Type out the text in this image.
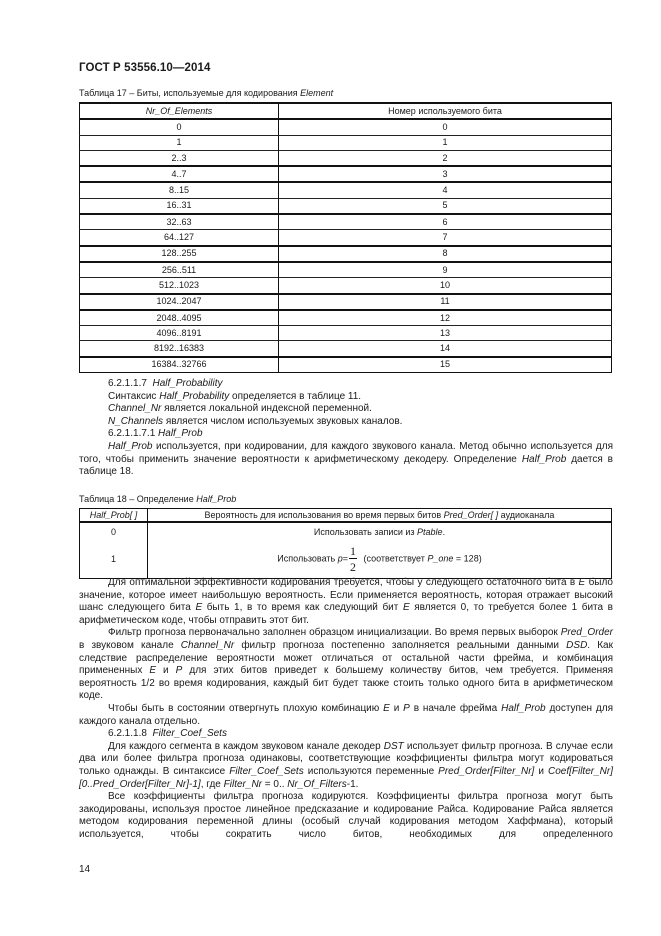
ГОСТ Р 53556.10—2014
Таблица 17 – Биты, используемые для кодирования Element
Nr_Of_Elements	Номер используемого бита
0	0
1	1
2..3	2
4..7	3
8..15	4
16..31	5
32..63	6
64..127	7
128..255	8
256..511	9
512..1023	10
1024..2047	11
2048..4095	12
4096..8191	13
8192..16383	14
16384..32766	15

6.2.1.1.7 Half_Probability

Синтаксис Half_Probability определяется в таблице 11.

Channel_Nr является локальной индексной переменной.

N_Channels является числом используемых звуковых каналов.

6.2.1.1.7.1 Half_Prob

Half_Prob используется, при кодировании, для каждого звукового канала. Метод обычно используется для того, чтобы применить значение вероятности к арифметическому декодеру. Определение Half_Prob дается в таблице 18.

Таблица 18 – Определение Half_Prob
Half_Prob[ ]	Вероятность для использования во время первых битов Pred_Order[ ] аудиоканала
0	Использовать записи из Ptable.
1	Использовать $p= \frac{1}{2}$ (соответствует P_one = 128)

Для оптимальной эффективности кодирования требуется, чтобы у следующего остаточного бита в E было значение, которое имеет наибольшую вероятность. Если применяется вероятность, которая отражает высокий шанс следующего бита E быть 1, в то время как следующий бит E является 0, то требуется более 1 бита в арифметическом коде, чтобы отправить этот бит.

Фильтр прогноза первоначально заполнен образцом инициализации. Во время первых выборок Pred_Order в звуковом канале Channel_Nr фильтр прогноза постепенно заполняется реальными данными DSD. Как следствие распределение вероятности может отличаться от остальной части фрейма, и комбинация примененных E и P для этих битов приведет к большему количеству битов, чем требуется. Применяя вероятность 1/2 во время кодирования, каждый бит будет также стоить только одного бита в арифметическом коде.

Чтобы быть в состоянии отвергнуть плохую комбинацию E и P в начале фрейма Half_Prob доступен для каждого канала отдельно.

6.2.1.1.8 Filter_Coef_Sets

Для каждого сегмента в каждом звуковом канале декодер DST использует фильтр прогноза. В случае если два или более фильтра прогноза одинаковы, соответствующие коэффициенты фильтра могут кодироваться только однажды. В синтаксисе Filter_Coef_Sets используются переменные Pred_Order[Filter_Nr] и Coef[Filter_Nr][0..Pred_Order[Filter_Nr]-1], где Filter_Nr = 0.. Nr_Of_Filters-1.

Все коэффициенты фильтра прогноза кодируются. Коэффициенты фильтра прогноза могут быть закодированы, используя простое линейное предсказание и кодирование Райса. Кодирование Райса является методом кодирования переменной длины (особый случай кодирования методом Хаффмана), который используется, чтобы сократить число битов, необходимых для определенного

14
